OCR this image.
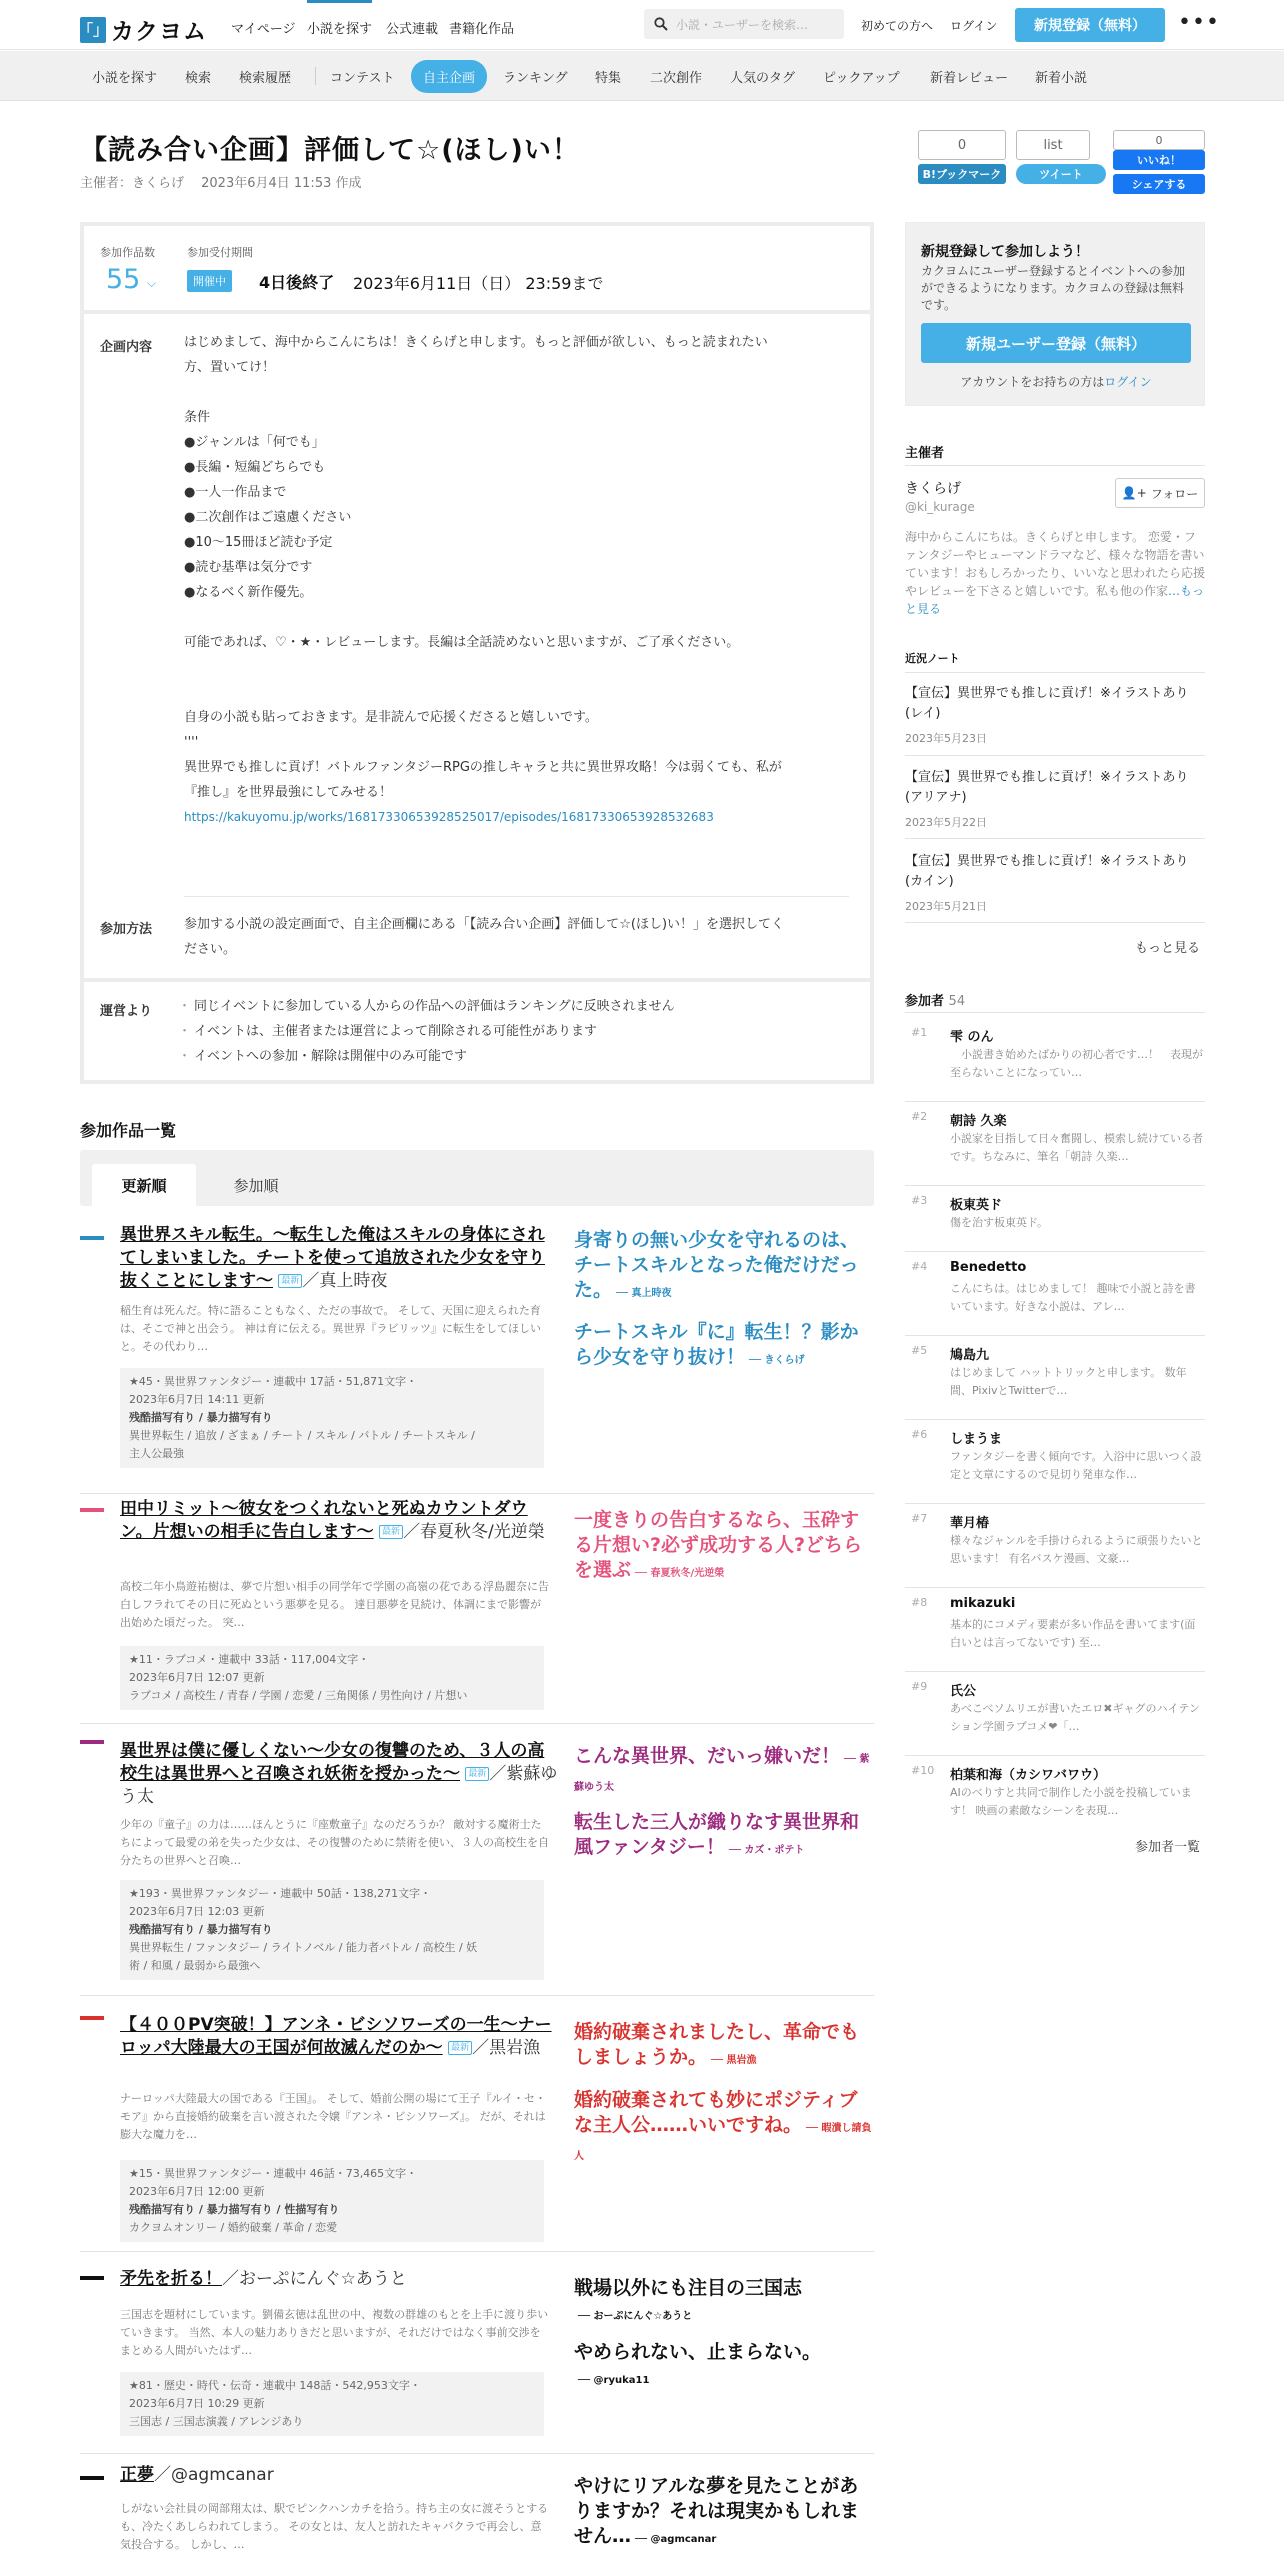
「」 カクヨム マイページ 小説を探す 公式連載 書籍化作品	小説・ユーザーを検索…	初めての方へ ログイン	新規登録（無料）	•••
小説を探す 検索 検索履歴	コンテスト	自主企画	ランキング 特集 二次創作 人気のタグ ピックアップ 新着レビュー 新着小説
【読み合い企画】評価して☆(ほし)い！
主催者：きくらげ　 2023年6月4日 11:53 作成
0
B!ブックマーク
list
ツイート
0
いいね！
シェアする
参加作品数
55 ⌵
参加受付期間
開催中	4日後終了 2023年6月11日（日） 23:59まで
企画内容 はじめまして、海中からこんにちは！きくらげと申します。もっと評価が欲しい、もっと読まれたい
方、置いてけ！
条件
●ジャンルは「何でも」
●長編・短編どちらでも
●一人一作品まで
●二次創作はご遠慮ください
●10～15冊ほど読む予定
●読む基準は気分です
●なるべく新作優先。
可能であれば、♡・★・レビューします。長編は全話読めないと思いますが、ご了承ください。
自身の小説も貼っておきます。是非読んで応援くださると嬉しいです。
''''
異世界でも推しに貢げ！バトルファンタジーRPGの推しキャラと共に異世界攻略！今は弱くても、私が
『推し』を世界最強にしてみせる！
https://kakuyomu.jp/works/16817330653928525017/episodes/16817330653928532683
参加方法 参加する小説の設定画面で、自主企画欄にある「【読み合い企画】評価して☆(ほし)い！」を選択してく
ださい。
運営より
・	同じイベントに参加している人からの作品への評価はランキングに反映されません
・ イベントは、主催者または運営によって削除される可能性があります
・ イベントへの参加・解除は開催中のみ可能です
参加作品一覧
更新順	参加順
異世界スキル転生。〜転生した俺はスキルの身体にされてしまいました。チートを使って追放された少女を守り抜くことにします〜 最新 ／真上時夜
稲生育は死んだ。特に語ることもなく、ただの事故で。 そして、天国に迎えられた育は、そこで神と出会う。 神は育に伝える。異世界『ラビリッツ』に転生をしてほしいと。その代わり…
★45・異世界ファンタジー・連載中 17話・51,871文字・
2023年6月7日 14:11 更新
残酷描写有り / 暴力描写有り
異世界転生 / 追放 / ざまぁ / チート / スキル / バトル / チートスキル /
主人公最強
身寄りの無い少女を守れるのは、チートスキルとなった俺だけだった。 ── 真上時夜
チートスキル『に』転生！？影から少女を守り抜け！ ── きくらげ
田中リミット～彼女をつくれないと死ぬカウントダウン。片想いの相手に告白します～ 最新 ／春夏秋冬/光逆榮
高校二年小鳥遊祐樹は、夢で片想い相手の同学年で学園の高嶺の花である浮島麗奈に告白しフラれてその日に死ぬという悪夢を見る。 達目悪夢を見続け、体調にまで影響が出始めた頃だった。 突…
★11・ラブコメ・連載中 33話・117,004文字・
2023年6月7日 12:07 更新
ラブコメ / 高校生 / 青春 / 学園 / 恋愛 / 三角関係 / 男性向け / 片想い
一度きりの告白するなら、玉砕する片想い?必ず成功する人?どちらを選ぶ ── 春夏秋冬/光逆榮
異世界は僕に優しくない〜少女の復讐のため、３人の高校生は異世界へと召喚され妖術を授かった〜 最新 ／紫蘇ゆう太
少年の『童子』の力は……ほんとうに『座敷童子』なのだろうか？ 敵対する魔術士たちによって最愛の弟を失った少女は、その復讐のために禁術を使い、３人の高校生を自分たちの世界へと召喚…
★193・異世界ファンタジー・連載中 50話・138,271文字・
2023年6月7日 12:03 更新
残酷描写有り / 暴力描写有り
異世界転生 / ファンタジー / ライトノベル / 能力者バトル / 高校生 / 妖
術 / 和風 / 最弱から最強へ
こんな異世界、だいっ嫌いだ！ ── 紫蘇ゆう太
転生した三人が織りなす異世界和風ファンタジー！ ── カズ・ポテト
【４００PV突破！】アンネ・ビシソワーズの一生～ナーロッパ大陸最大の王国が何故滅んだのか～ 最新 ／黒岩漁
ナーロッパ大陸最大の国である『王国』。 そして、婚前公開の場にて王子『ルイ・セ・モア』から直接婚約破棄を言い渡された令嬢『アンネ・ビシソワーズ』。 だが、それは膨大な魔力を…
★15・異世界ファンタジー・連載中 46話・73,465文字・
2023年6月7日 12:00 更新
残酷描写有り / 暴力描写有り / 性描写有り
カクヨムオンリー / 婚約破棄 / 革命 / 恋愛
婚約破棄されましたし、革命でもしましょうか。 ── 黒岩漁
婚約破棄されても妙にポジティブな主人公……いいですね。 ── 暇潰し請負人
矛先を折る！／おーぷにんぐ☆あうと
三国志を題材にしています。劉備玄徳は乱世の中、複数の群雄のもとを上手に渡り歩いていきます。 当然、本人の魅力ありきだと思いますが、それだけではなく事前交渉をまとめる人間がいたはず…
★81・歴史・時代・伝奇・連載中 148話・542,953文字・
2023年6月7日 10:29 更新
三国志 / 三国志演義 / アレンジあり
戦場以外にも注目の三国志
── おーぷにんぐ☆あうと
やめられない、止まらない。
── @ryuka11
正夢／@agmcanar
しがない会社員の岡部翔太は、駅でピンクハンカチを拾う。持ち主の女に渡そうとするも、冷たくあしらわれてしまう。 その女とは、友人と訪れたキャバクラで再会し、意気投合する。 しかし、…
やけにリアルな夢を見たことがありますか？それは現実かもしれません… ── @agmcanar
新規登録して参加しよう！
カクヨムにユーザー登録するとイベントへの参加ができるようになります。カクヨムの登録は無料です。
新規ユーザー登録（無料）
アカウントをお持ちの方はログイン
主催者
きくらげ
@ki_kurage
👤+ フォロー
海中からこんにちは。きくらげと申します。 恋愛・ファンタジーやヒューマンドラマなど、様々な物語を書いています！おもしろかったり、いいなと思われたら応援やレビューを下さると嬉しいです。私も他の作家…もっと見る
近況ノート
【宣伝】異世界でも推しに貢げ！※イラストあり(レイ)
2023年5月23日
【宣伝】異世界でも推しに貢げ！※イラストあり(アリアナ)
2023年5月22日
【宣伝】異世界でも推しに貢げ！※イラストあり(カイン)
2023年5月21日
もっと見る
参加者 54
#1 雫 のん
　小説書き始めたばかりの初心者です…！　表現が至らないことになってい…
#2 朝詩 久楽
小説家を目指して日々奮闘し、模索し続けている者です。ちなみに、筆名「朝詩 久楽…
#3 板東英ド
傷を治す板東英ド。
#4 Benedetto
こんにちは。はじめまして！ 趣味で小説と詩を書いています。好きな小説は、アレ…
#5 鳩島九
はじめまして ハットトリックと申します。 数年間、PixivとTwitterで…
#6 しまうま
ファンタジーを書く傾向です。入浴中に思いつく設定と文章にするので見切り発車な作…
#7 華月椿
様々なジャンルを手掛けられるように頑張りたいと思います！ 有名バスケ漫画、文豪…
#8 mikazuki
基本的にコメディ要素が多い作品を書いてます(面白いとは言ってないです) 至…
#9 氏公
あべこべソムリエが書いたエロ✖ギャグのハイテンション学園ラブコメ❤「…
#10 柏葉和海（カシワバワウ）
AIのべりすと共同で制作した小説を投稿しています！ 映画の素敵なシーンを表現…
参加者一覧
